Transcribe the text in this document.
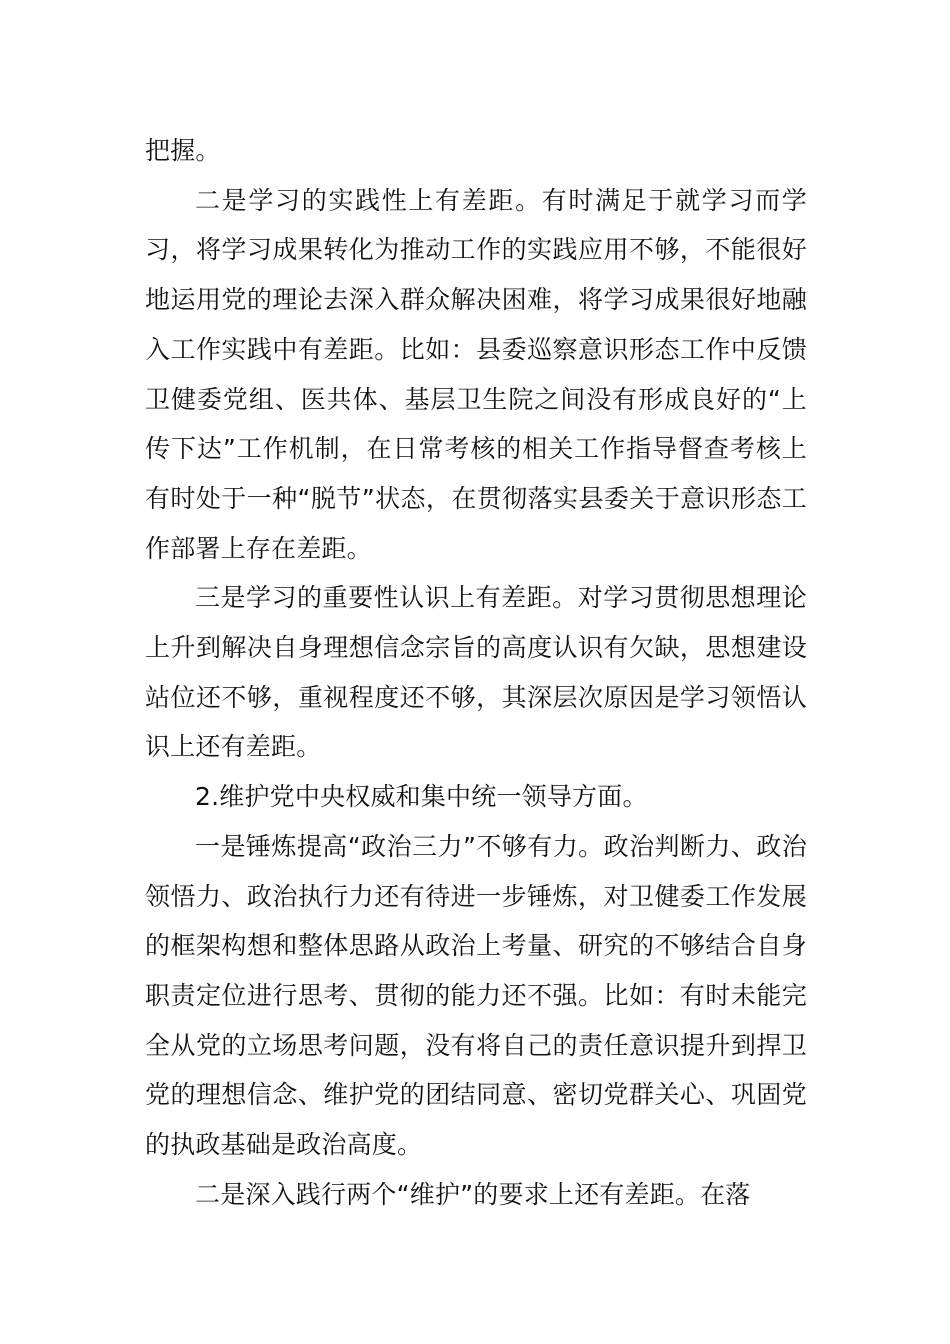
把握。

二是学习的实践性上有差距。有时满足于就学习而学习，将学习成果转化为推动工作的实践应用不够，不能很好地运用党的理论去深入群众解决困难，将学习成果很好地融入工作实践中有差距。比如：县委巡察意识形态工作中反馈卫健委党组、医共体、基层卫生院之间没有形成良好的“上传下达”工作机制，在日常考核的相关工作指导督查考核上有时处于一种“脱节”状态，在贯彻落实县委关于意识形态工作部署上存在差距。

三是学习的重要性认识上有差距。对学习贯彻思想理论上升到解决自身理想信念宗旨的高度认识有欠缺，思想建设站位还不够，重视程度还不够，其深层次原因是学习领悟认识上还有差距。

2.维护党中央权威和集中统一领导方面。

一是锤炼提高“政治三力”不够有力。政治判断力、政治领悟力、政治执行力还有待进一步锤炼，对卫健委工作发展的框架构想和整体思路从政治上考量、研究的不够结合自身职责定位进行思考、贯彻的能力还不强。比如：有时未能完全从党的立场思考问题，没有将自己的责任意识提升到捍卫党的理想信念、维护党的团结同意、密切党群关心、巩固党的执政基础是政治高度。

二是深入践行两个“维护”的要求上还有差距。在落
